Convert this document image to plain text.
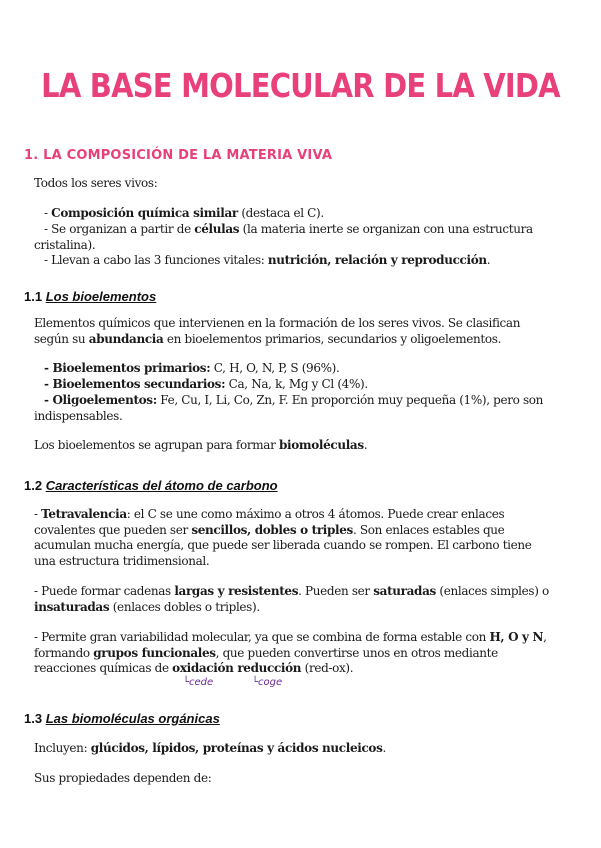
LA BASE MOLECULAR DE LA VIDA
1. LA COMPOSICIÓN DE LA MATERIA VIVA

Todos los seres vivos:

- Composición química similar (destaca el C).

- Se organizan a partir de células (la materia inerte se organizan con una estructura cristalina).

- Llevan a cabo las 3 funciones vitales: nutrición, relación y reproducción.

1.1 Los bioelementos

Elementos químicos que intervienen en la formación de los seres vivos. Se clasifican según su abundancia en bioelementos primarios, secundarios y oligoelementos.

- Bioelementos primarios: C, H, O, N, P, S (96%).

- Bioelementos secundarios: Ca, Na, k, Mg y Cl (4%).

- Oligoelementos: Fe, Cu, I, Li, Co, Zn, F. En proporción muy pequeña (1%), pero son indispensables.

Los bioelementos se agrupan para formar biomoléculas.

1.2 Características del átomo de carbono

- Tetravalencia: el C se une como máximo a otros 4 átomos. Puede crear enlaces covalentes que pueden ser sencillos, dobles o triples. Son enlaces estables que acumulan mucha energía, que puede ser liberada cuando se rompen. El carbono tiene una estructura tridimensional.

- Puede formar cadenas largas y resistentes. Pueden ser saturadas (enlaces simples) o insaturadas (enlaces dobles o triples).

- Permite gran variabilidad molecular, ya que se combina de forma estable con H, O y N, formando grupos funcionales, que pueden convertirse unos en otros mediante reacciones químicas de oxidación reducción (red-ox).

└cede	└coge
1.3 Las biomoléculas orgánicas

Incluyen: glúcidos, lípidos, proteínas y ácidos nucleicos.

Sus propiedades dependen de:
